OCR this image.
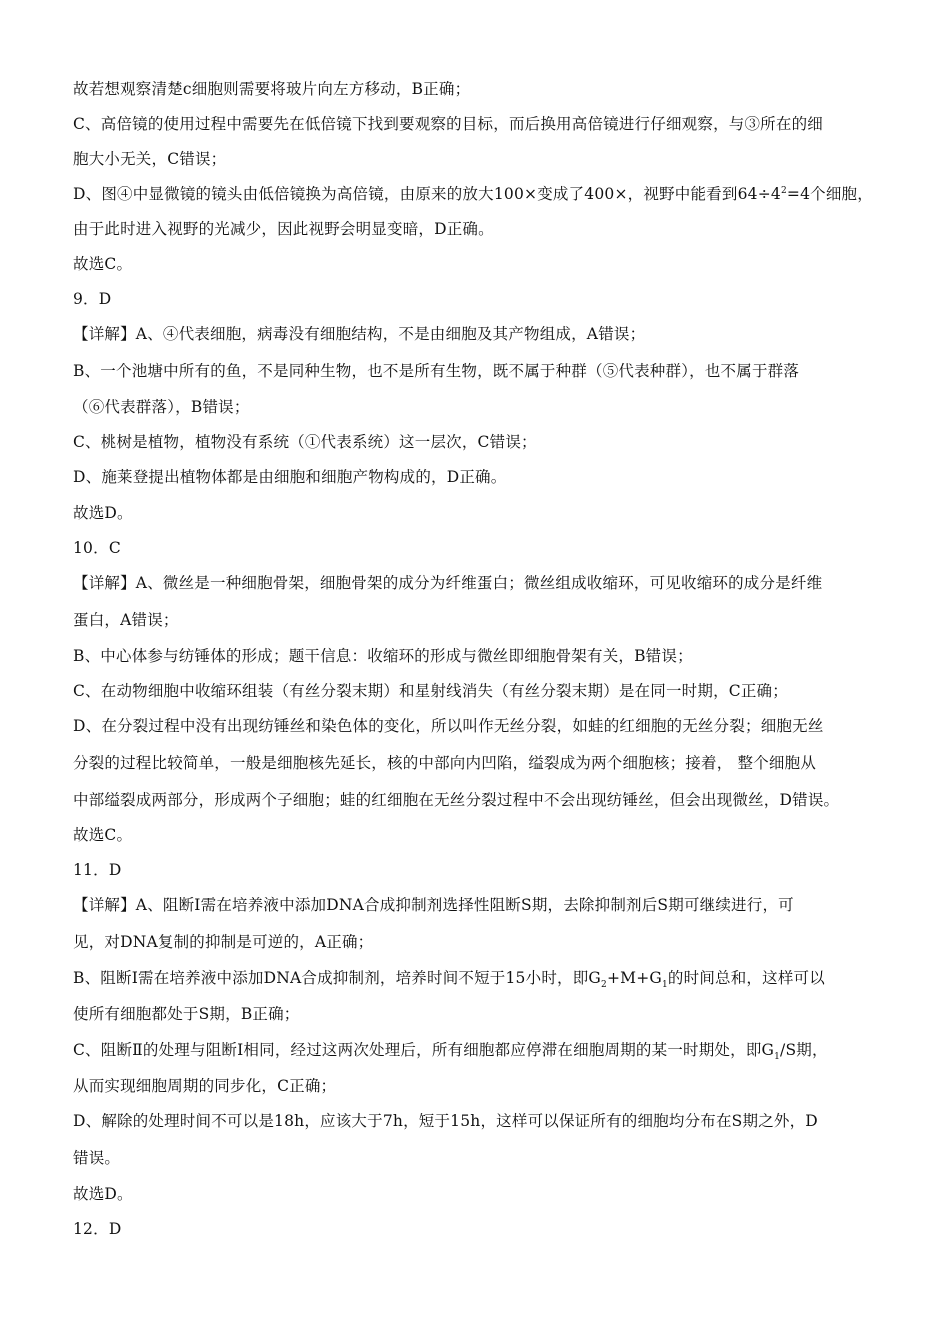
故若想观察清楚c细胞则需要将玻片向左方移动，B正确；
C、高倍镜的使用过程中需要先在低倍镜下找到要观察的目标，而后换用高倍镜进行仔细观察，与③所在的细
胞大小无关，C错误；
D、图④中显微镜的镜头由低倍镜换为高倍镜，由原来的放大100×变成了400×，视野中能看到$64\div 4^2=4$个细胞，
由于此时进入视野的光减少，因此视野会明显变暗，D正确。
故选C。
9．D
【详解】A、④代表细胞，病毒没有细胞结构，不是由细胞及其产物组成，A错误；
B、一个池塘中所有的鱼，不是同种生物，也不是所有生物，既不属于种群（⑤代表种群），也不属于群落
（⑥代表群落），B错误；
C、桃树是植物，植物没有系统（①代表系统）这一层次，C错误；
D、施莱登提出植物体都是由细胞和细胞产物构成的，D正确。
故选D。
10．C
【详解】A、微丝是一种细胞骨架，细胞骨架的成分为纤维蛋白；微丝组成收缩环，可见收缩环的成分是纤维
蛋白，A错误；
B、中心体参与纺锤体的形成；题干信息：收缩环的形成与微丝即细胞骨架有关，B错误；
C、在动物细胞中收缩环组装（有丝分裂末期）和星射线消失（有丝分裂末期）是在同一时期，C正确；
D、在分裂过程中没有出现纺锤丝和染色体的变化，所以叫作无丝分裂，如蛙的红细胞的无丝分裂；细胞无丝
分裂的过程比较简单，一般是细胞核先延长，核的中部向内凹陷，缢裂成为两个细胞核；接着， 整个细胞从
中部缢裂成两部分，形成两个子细胞；蛙的红细胞在无丝分裂过程中不会出现纺锤丝，但会出现微丝，D错误。
故选C。
11．D
【详解】A、阻断Ⅰ需在培养液中添加DNA合成抑制剂选择性阻断S期，去除抑制剂后S期可继续进行，可
见，对DNA复制的抑制是可逆的，A正确；
B、阻断Ⅰ需在培养液中添加DNA合成抑制剂，培养时间不短于15小时，即$G_2+M+G_1$的时间总和，这样可以
使所有细胞都处于S期，B正确；
C、阻断Ⅱ的处理与阻断Ⅰ相同，经过这两次处理后，所有细胞都应停滞在细胞周期的某一时期处，即$G_1/S$期，
从而实现细胞周期的同步化，C正确；
D、解除的处理时间不可以是18h，应该大于7h，短于15h，这样可以保证所有的细胞均分布在S期之外，D
错误。
故选D。
12．D
